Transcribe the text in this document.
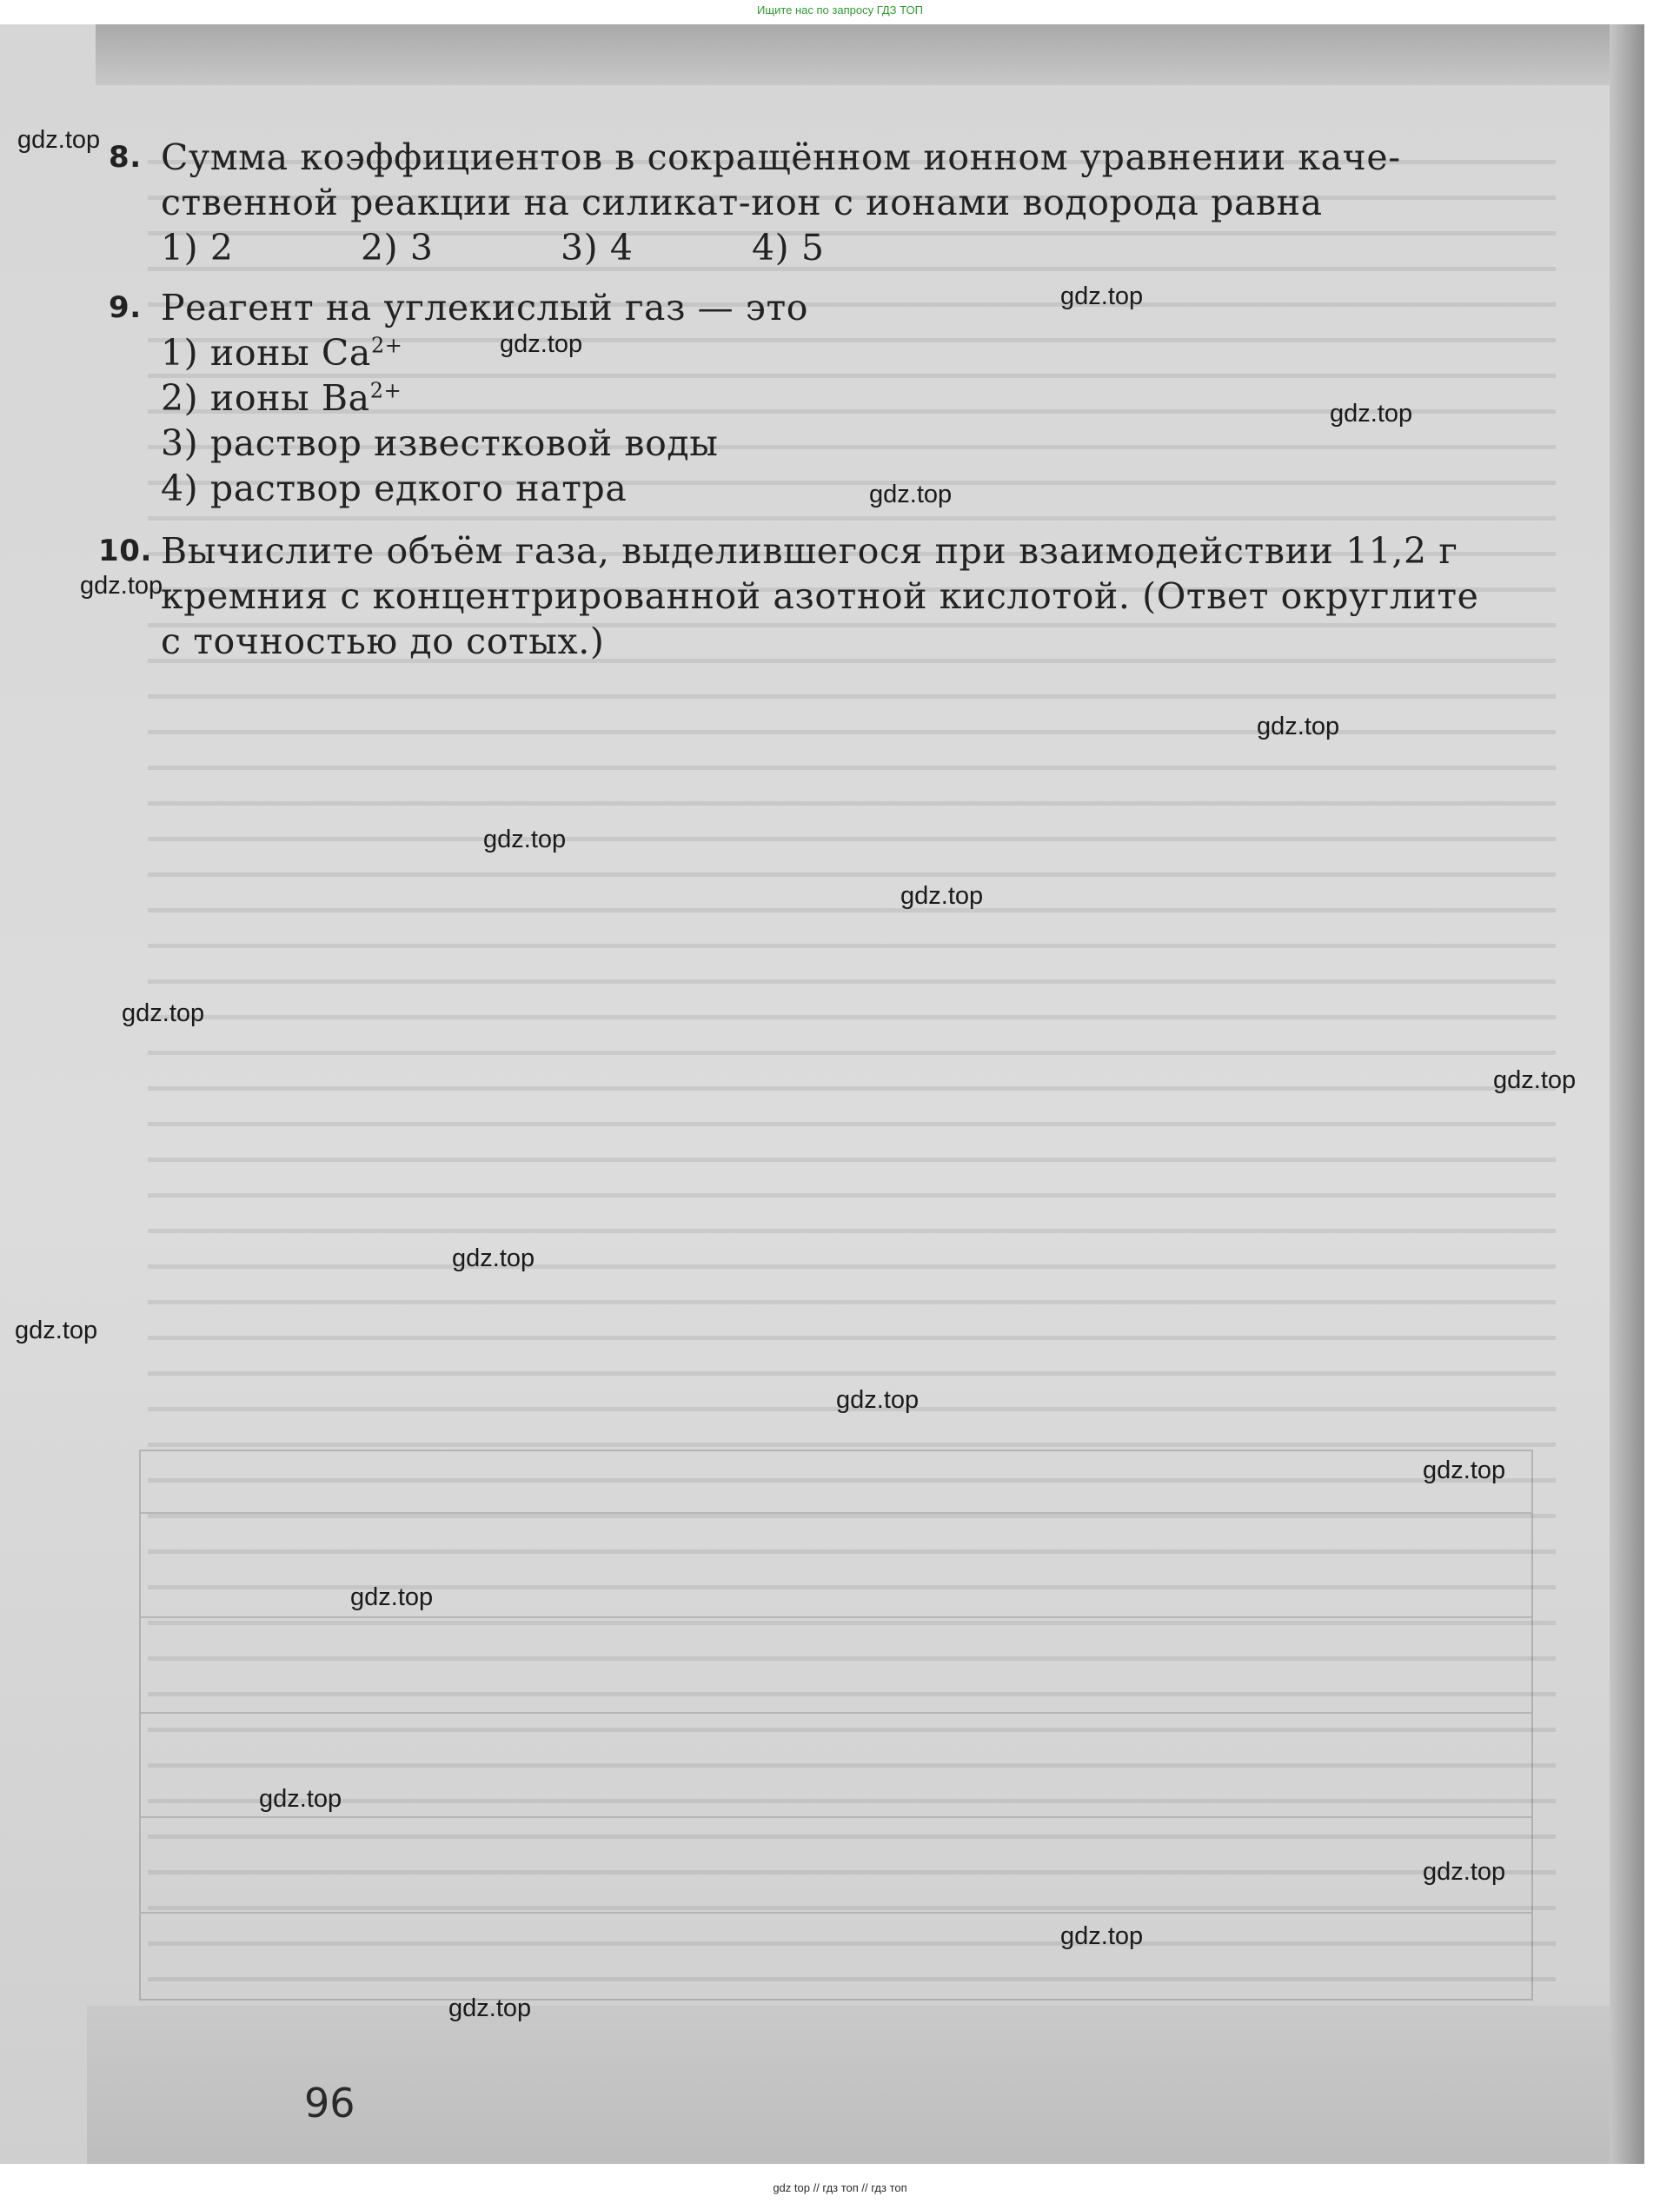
Ищите нас по запросу ГДЗ ТОП
8. Сумма коэффициентов в сокращённом ионном уравнении каче-
ственной реакции на силикат-ион с ионами водорода равна
1) 2	2) 3	3) 4	4) 5
9. Реагент на углекислый газ — это
1) ионы $Ca^{2+}$
2) ионы $Ba^{2+}$
3) раствор известковой воды
4) раствор едкого натра
10. Вычислите объём газа, выделившегося при взаимодействии 11,2 г
кремния с концентрированной азотной кислотой. (Ответ округлите
с точностью до сотых.)
96
gdz.top
gdz.top
gdz.top
gdz.top
gdz.top
gdz.top
gdz.top
gdz.top
gdz.top
gdz.top
gdz.top
gdz.top
gdz.top
gdz.top
gdz.top
gdz.top
gdz.top
gdz.top
gdz.top
gdz.top
gdz top // гдз топ // гдз топ
